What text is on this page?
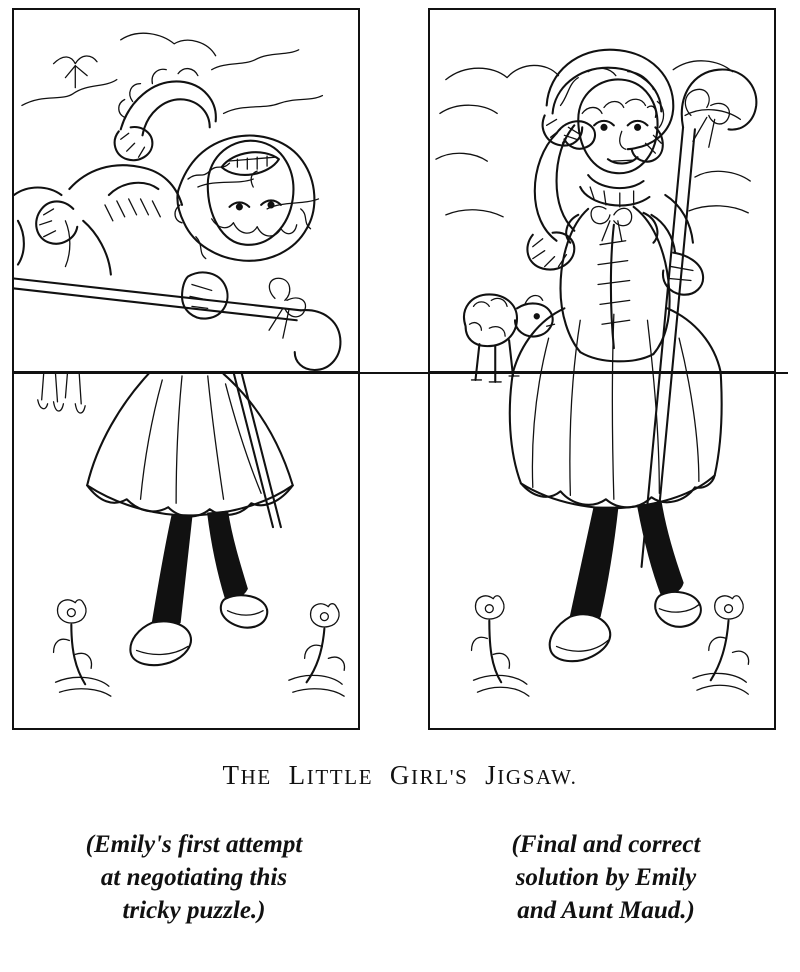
THE LITTLE GIRL'S JIGSAW.
(Emily's first attempt
at negotiating this
tricky puzzle.)
(Final and correct
solution by Emily
and Aunt Maud.)
